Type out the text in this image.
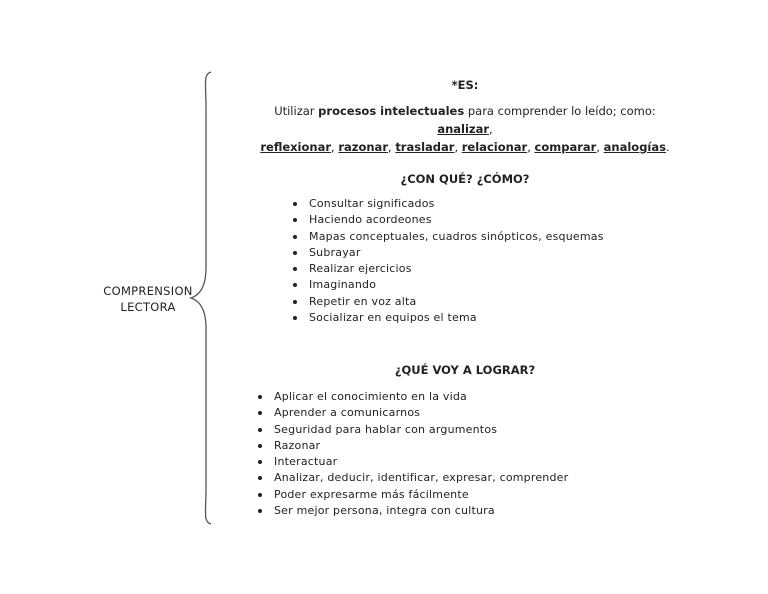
COMPRENSION
LECTORA
*ES:
Utilizar procesos intelectuales para comprender lo leído; como: analizar,
reflexionar, razonar, trasladar, relacionar, comparar, analogías.
¿CON QUÉ? ¿CÓMO?
Consultar significados
Haciendo acordeones
Mapas conceptuales, cuadros sinópticos, esquemas
Subrayar
Realizar ejercicios
Imaginando
Repetir en voz alta
Socializar en equipos el tema
¿QUÉ VOY A LOGRAR?
Aplicar el conocimiento en la vida
Aprender a comunicarnos
Seguridad para hablar con argumentos
Razonar
Interactuar
Analizar, deducir, identificar, expresar, comprender
Poder expresarme más fácilmente
Ser mejor persona, integra con cultura
